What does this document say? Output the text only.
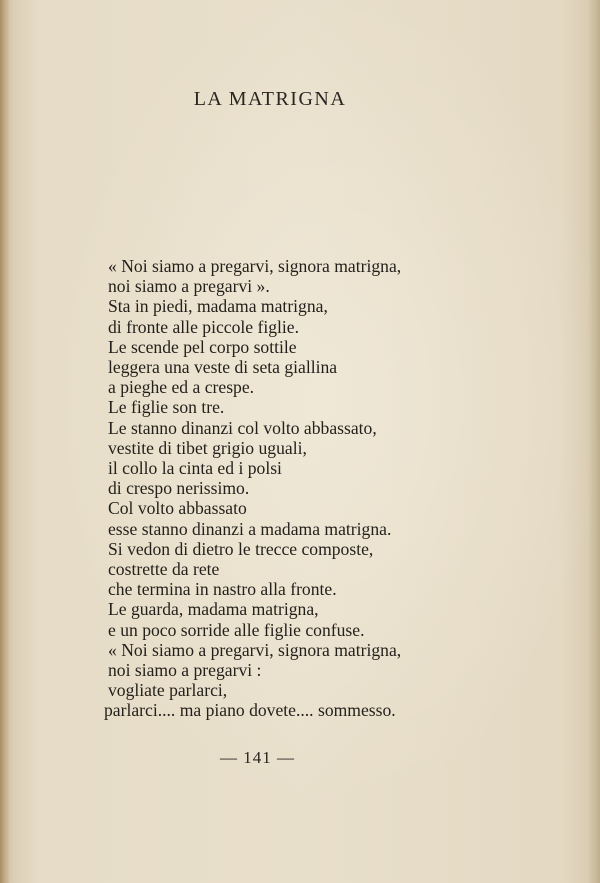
LA MATRIGNA
« Noi siamo a pregarvi, signora matrigna,
noi siamo a pregarvi ».
Sta in piedi, madama matrigna,
di fronte alle piccole figlie.
Le scende pel corpo sottile
leggera una veste di seta giallina
a pieghe ed a crespe.
Le figlie son tre.
Le stanno dinanzi col volto abbassato,
vestite di tibet grigio uguali,
il collo la cinta ed i polsi
di crespo nerissimo.
Col volto abbassato
esse stanno dinanzi a madama matrigna.
Si vedon di dietro le trecce composte,
costrette da rete
che termina in nastro alla fronte.
Le guarda, madama matrigna,
e un poco sorride alle figlie confuse.
« Noi siamo a pregarvi, signora matrigna,
noi siamo a pregarvi :
vogliate parlarci,
parlarci.... ma piano dovete.... sommesso.
— 141 —
